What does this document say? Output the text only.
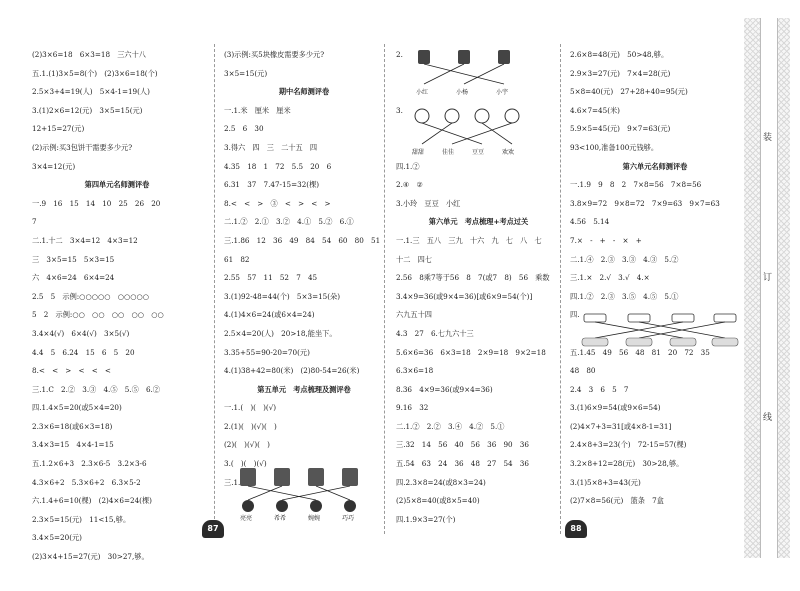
(2)3×6=18　6×3=18　三六十八
五.1.(1)3×5=8(个)　(2)3×6=18(个)
2.5×3+4=19(人)　5×4-1=19(人)
3.(1)2×6=12(元)　3×5=15(元)
12+15=27(元)
(2)示例:买3包饼干需要多少元?
3×4=12(元)
第四单元名师测评卷
一.9　16　15　14　10　25　26　20
7
二.1.十二　3×4=12　4×3=12
三　3×5=15　5×3=15
六　4×6=24　6×4=24
2.5　5　示例:○○○○○　○○○○○
5　2　示例:○○　○○　○○　○○　○○
3.4×4(√)　6×4(√)　3×5(√)
4.4　5　6.24　15　6　5　20
8.<　<　>　<　<　<
三.1.C　2.②　3.③　4.⑤　5.⑤　6.②
四.1.4×5=20(或5×4=20)
2.3×6=18(或6×3=18)
3.4×3=15　4×4-1=15
五.1.2×6+3　2.3×6-5　3.2×3-6
4.3×6+2　5.3×6+2　6.3×5-2
六.1.4+6=10(棵)　(2)4×6=24(棵)
2.3×5=15(元)　11<15,够。
3.4×5=20(元)
(2)3×4+15=27(元)　30>27,够。
(3)示例:买5块橡皮需要多少元?
3×5=15(元)
期中名师测评卷
一.1.米　厘米　厘米
2.5　6　30
3.得六　四　三　二十五　四
4.35　18　1　72　5.5　20　6
6.31　37　7.47-15=32(棵)
8.<　<　>　③　<　>　<　>
二.1.②　2.①　3.②　4.①　5.②　6.①
三.1.86　12　36　49　84　54　60　80　51
61　82
2.55　57　11　52　7　45
3.(1)92-48=44(个)　5×3=15(朵)
4.(1)4×6=24(或6×4=24)
2.5×4=20(人)　20>18,能坐下。
3.35+55=90-20=70(元)
4.(1)38+42=80(米)　(2)80-54=26(米)
第五单元　考点梳理及测评卷
一.1.(　)(　)(√)
2.(1)(　)(√)(　)
(2)(　)(√)(　)
3.(　)(　)(√)
三.1.
亮亮	希希	婉婉	巧巧
87
2.
3.
四.1.②
2.④　②
3.小玲　豆豆　小红
第六单元　考点梳理+考点过关
一.1.三　五八　三九　十六　九　七　八　七
十二　四七
2.56　8乘7等于56　8　7(或7　8)　56　乘数
3.4×9=36(或9×4=36)[或6×9=54(个)]
六九五十四
4.3　27　6.七九六十三
5.6×6=36　6×3=18　2×9=18　9×2=18
6.3×6=18
8.36　4×9=36(或9×4=36)
9.16　32
二.1.②　2.②　3.④　4.②　5.①
三.32　14　56　40　56　36　90　36
五.54　63　24　36　48　27　54　36
四.2.3×8=24(或8×3=24)
(2)5×8=40(或8×5=40)
四.1.9×3=27(个)
小红	小杨	小宇
甜甜	佳佳	豆豆	欢欢
2.6×8=48(元)　50>48,够。
2.9×3=27(元)　7×4=28(元)
5×8=40(元)　27+28+40=95(元)
4.6×7=45(米)
5.9×5=45(元)　9×7=63(元)
93<100,准备100元钱够。
第六单元名师测评卷
一.1.9　9　8　2　7×8=56　7×8=56
3.8×9=72　9×8=72　7×9=63　9×7=63
4.56　5.14
7.×　-　+　-　×　+
二.1.④　2.③　3.③　4.③　5.②
三.1.×　2.√　3.√　4.×
四.1.②　2.③　3.⑤　4.⑤　5.①
四.
五.1.45　49　56　48　81　20　72　35
48　80
2.4　3　6　5　7
3.(1)6×9=54(或9×6=54)
(2)4×7+3=31[或4×8-1=31]
2.4×8+3=23(个)　72-15=57(棵)
3.2×8+12=28(元)　30>28,够。
3.(1)5×8+3=43(元)
(2)7×8=56(元)　篮条　7盒
88
装
订
线
